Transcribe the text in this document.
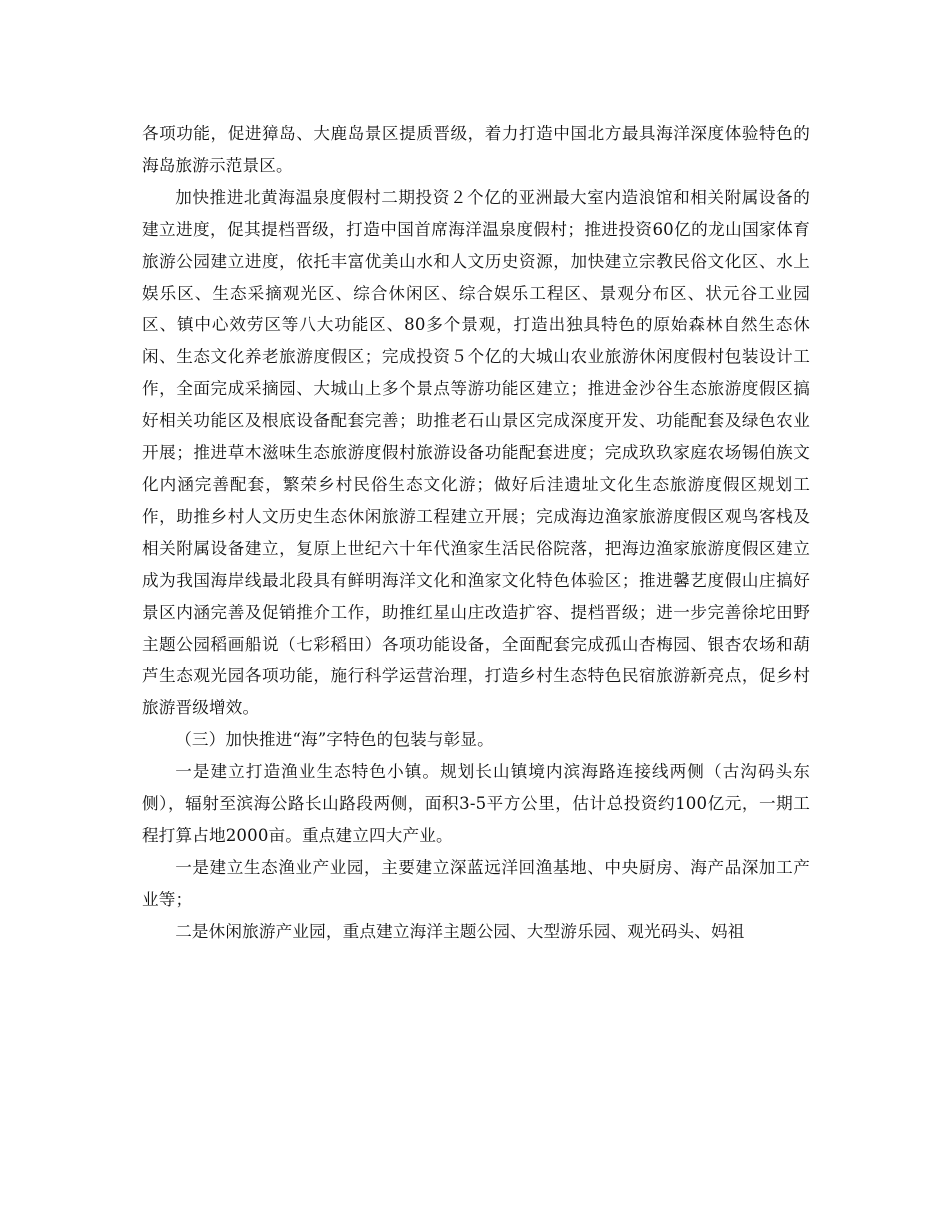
各项功能，促进獐岛、大鹿岛景区提质晋级，着力打造中国北方最具海洋深度体验特色的海岛旅游示范景区。

加快推进北黄海温泉度假村二期投资２个亿的亚洲最大室内造浪馆和相关附属设备的建立进度，促其提档晋级，打造中国首席海洋温泉度假村；推进投资60亿的龙山国家体育旅游公园建立进度，依托丰富优美山水和人文历史资源，加快建立宗教民俗文化区、水上娱乐区、生态采摘观光区、综合休闲区、综合娱乐工程区、景观分布区、状元谷工业园区、镇中心效劳区等八大功能区、80多个景观，打造出独具特色的原始森林自然生态休闲、生态文化养老旅游度假区；完成投资５个亿的大城山农业旅游休闲度假村包装设计工作，全面完成采摘园、大城山上多个景点等游功能区建立；推进金沙谷生态旅游度假区搞好相关功能区及根底设备配套完善；助推老石山景区完成深度开发、功能配套及绿色农业开展；推进草木滋味生态旅游度假村旅游设备功能配套进度；完成玖玖家庭农场锡伯族文化内涵完善配套，繁荣乡村民俗生态文化游；做好后洼遗址文化生态旅游度假区规划工作，助推乡村人文历史生态休闲旅游工程建立开展；完成海边渔家旅游度假区观鸟客栈及相关附属设备建立，复原上世纪六十年代渔家生活民俗院落，把海边渔家旅游度假区建立成为我国海岸线最北段具有鲜明海洋文化和渔家文化特色体验区；推进馨艺度假山庄搞好景区内涵完善及促销推介工作，助推红星山庄改造扩容、提档晋级；进一步完善徐坨田野主题公园稻画船说（七彩稻田）各项功能设备，全面配套完成孤山杏梅园、银杏农场和葫芦生态观光园各项功能，施行科学运营治理，打造乡村生态特色民宿旅游新亮点，促乡村旅游晋级增效。

（三）加快推进“海”字特色的包装与彰显。

一是建立打造渔业生态特色小镇。规划长山镇境内滨海路连接线两侧（古沟码头东侧），辐射至滨海公路长山路段两侧，面积3-5平方公里，估计总投资约100亿元，一期工程打算占地2000亩。重点建立四大产业。

一是建立生态渔业产业园，主要建立深蓝远洋回渔基地、中央厨房、海产品深加工产业等；

二是休闲旅游产业园，重点建立海洋主题公园、大型游乐园、观光码头、妈祖
